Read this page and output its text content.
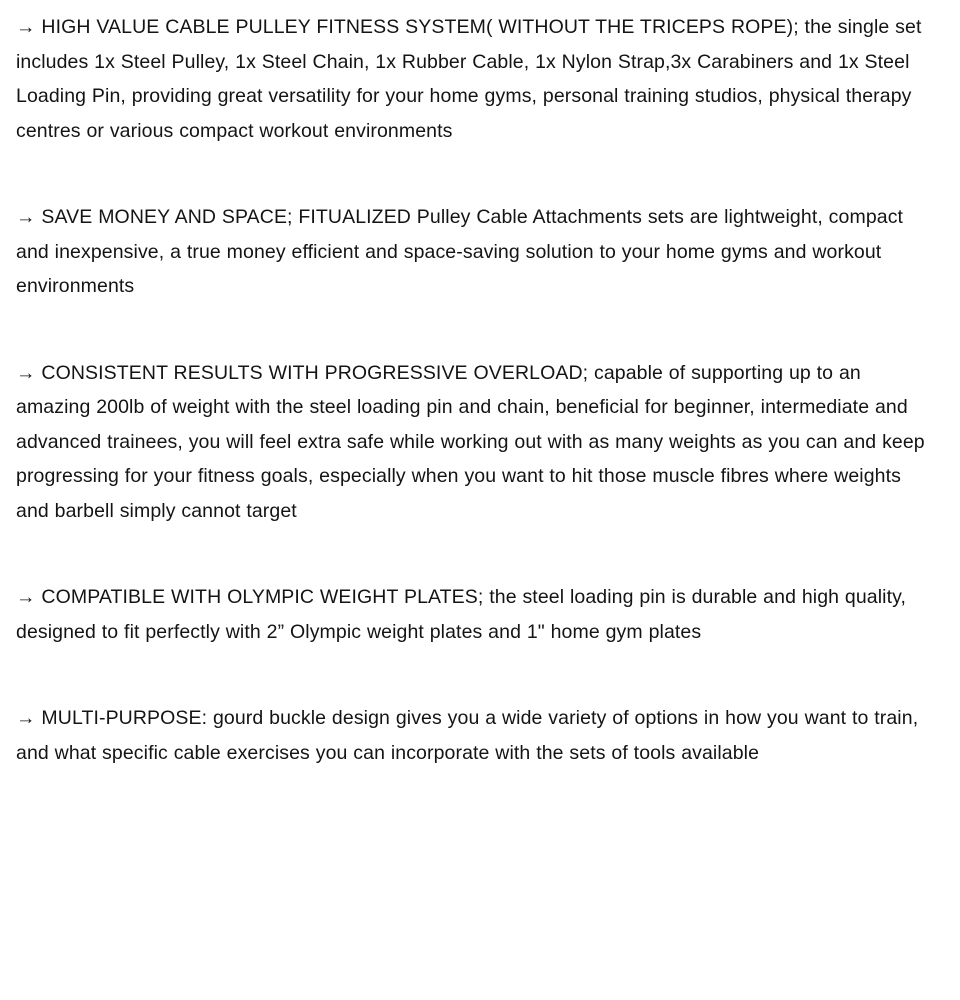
→ HIGH VALUE CABLE PULLEY FITNESS SYSTEM( WITHOUT THE TRICEPS ROPE); the single set includes 1x Steel Pulley, 1x Steel Chain, 1x Rubber Cable, 1x Nylon Strap,3x Carabiners and 1x Steel Loading Pin, providing great versatility for your home gyms, personal training studios, physical therapy centres or various compact workout environments

→ SAVE MONEY AND SPACE; FITUALIZED Pulley Cable Attachments sets are lightweight, compact and inexpensive, a true money efficient and space-saving solution to your home gyms and workout environments

→ CONSISTENT RESULTS WITH PROGRESSIVE OVERLOAD; capable of supporting up to an amazing 200lb of weight with the steel loading pin and chain, beneficial for beginner, intermediate and advanced trainees, you will feel extra safe while working out with as many weights as you can and keep progressing for your fitness goals, especially when you want to hit those muscle fibres where weights and barbell simply cannot target

→ COMPATIBLE WITH OLYMPIC WEIGHT PLATES; the steel loading pin is durable and high quality, designed to fit perfectly with 2” Olympic weight plates and 1" home gym plates

→ MULTI-PURPOSE: gourd buckle design gives you a wide variety of options in how you want to train, and what specific cable exercises you can incorporate with the sets of tools available
